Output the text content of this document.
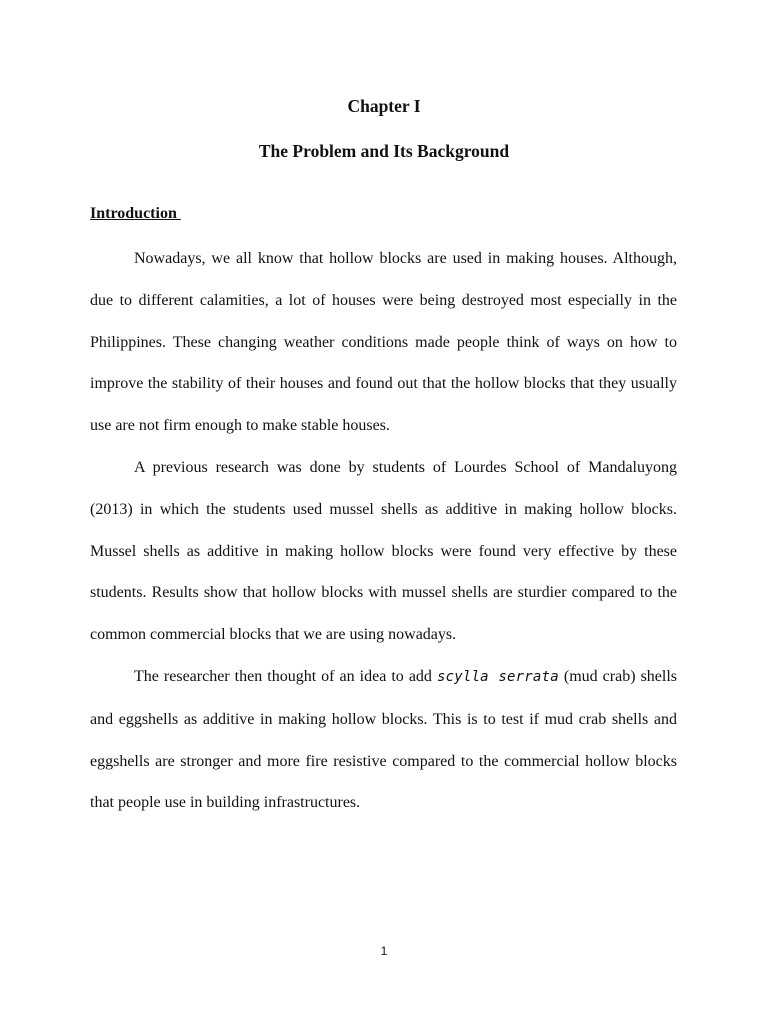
Chapter I
The Problem and Its Background
Introduction

Nowadays, we all know that hollow blocks are used in making houses. Although, due to different calamities, a lot of houses were being destroyed most especially in the Philippines. These changing weather conditions made people think of ways on how to improve the stability of their houses and found out that the hollow blocks that they usually use are not firm enough to make stable houses.

A previous research was done by students of Lourdes School of Mandaluyong (2013) in which the students used mussel shells as additive in making hollow blocks. Mussel shells as additive in making hollow blocks were found very effective by these students. Results show that hollow blocks with mussel shells are sturdier compared to the common commercial blocks that we are using nowadays.

The researcher then thought of an idea to add scylla serrata (mud crab) shells and eggshells as additive in making hollow blocks. This is to test if mud crab shells and eggshells are stronger and more fire resistive compared to the commercial hollow blocks that people use in building infrastructures.

1
